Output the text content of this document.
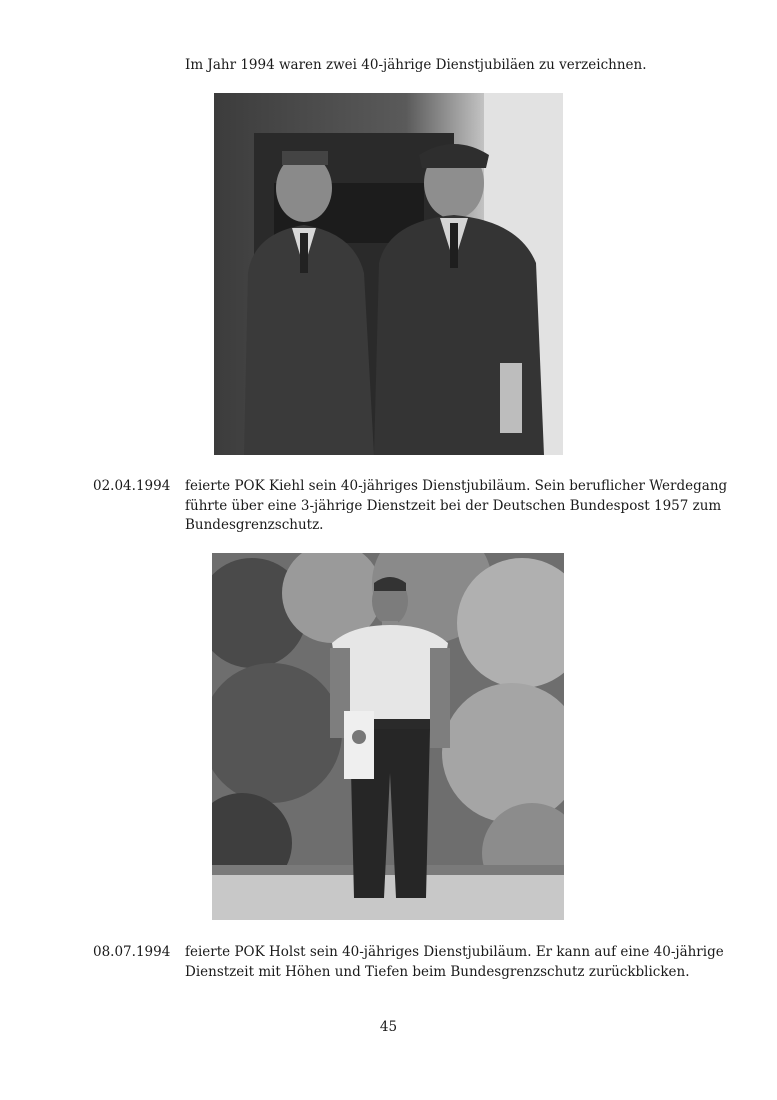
Im Jahr 1994 waren zwei 40-jährige Dienstjubiläen zu verzeichnen.
02.04.1994 feierte POK Kiehl sein 40-jähriges Dienstjubiläum. Sein beruflicher Werdegang
führte über eine 3-jährige Dienstzeit bei der Deutschen Bundespost 1957 zum
Bundesgrenzschutz.
08.07.1994 feierte POK Holst sein 40-jähriges Dienstjubiläum. Er kann auf eine 40-jährige
Dienstzeit mit Höhen und Tiefen beim Bundesgrenzschutz zurückblicken.
45
